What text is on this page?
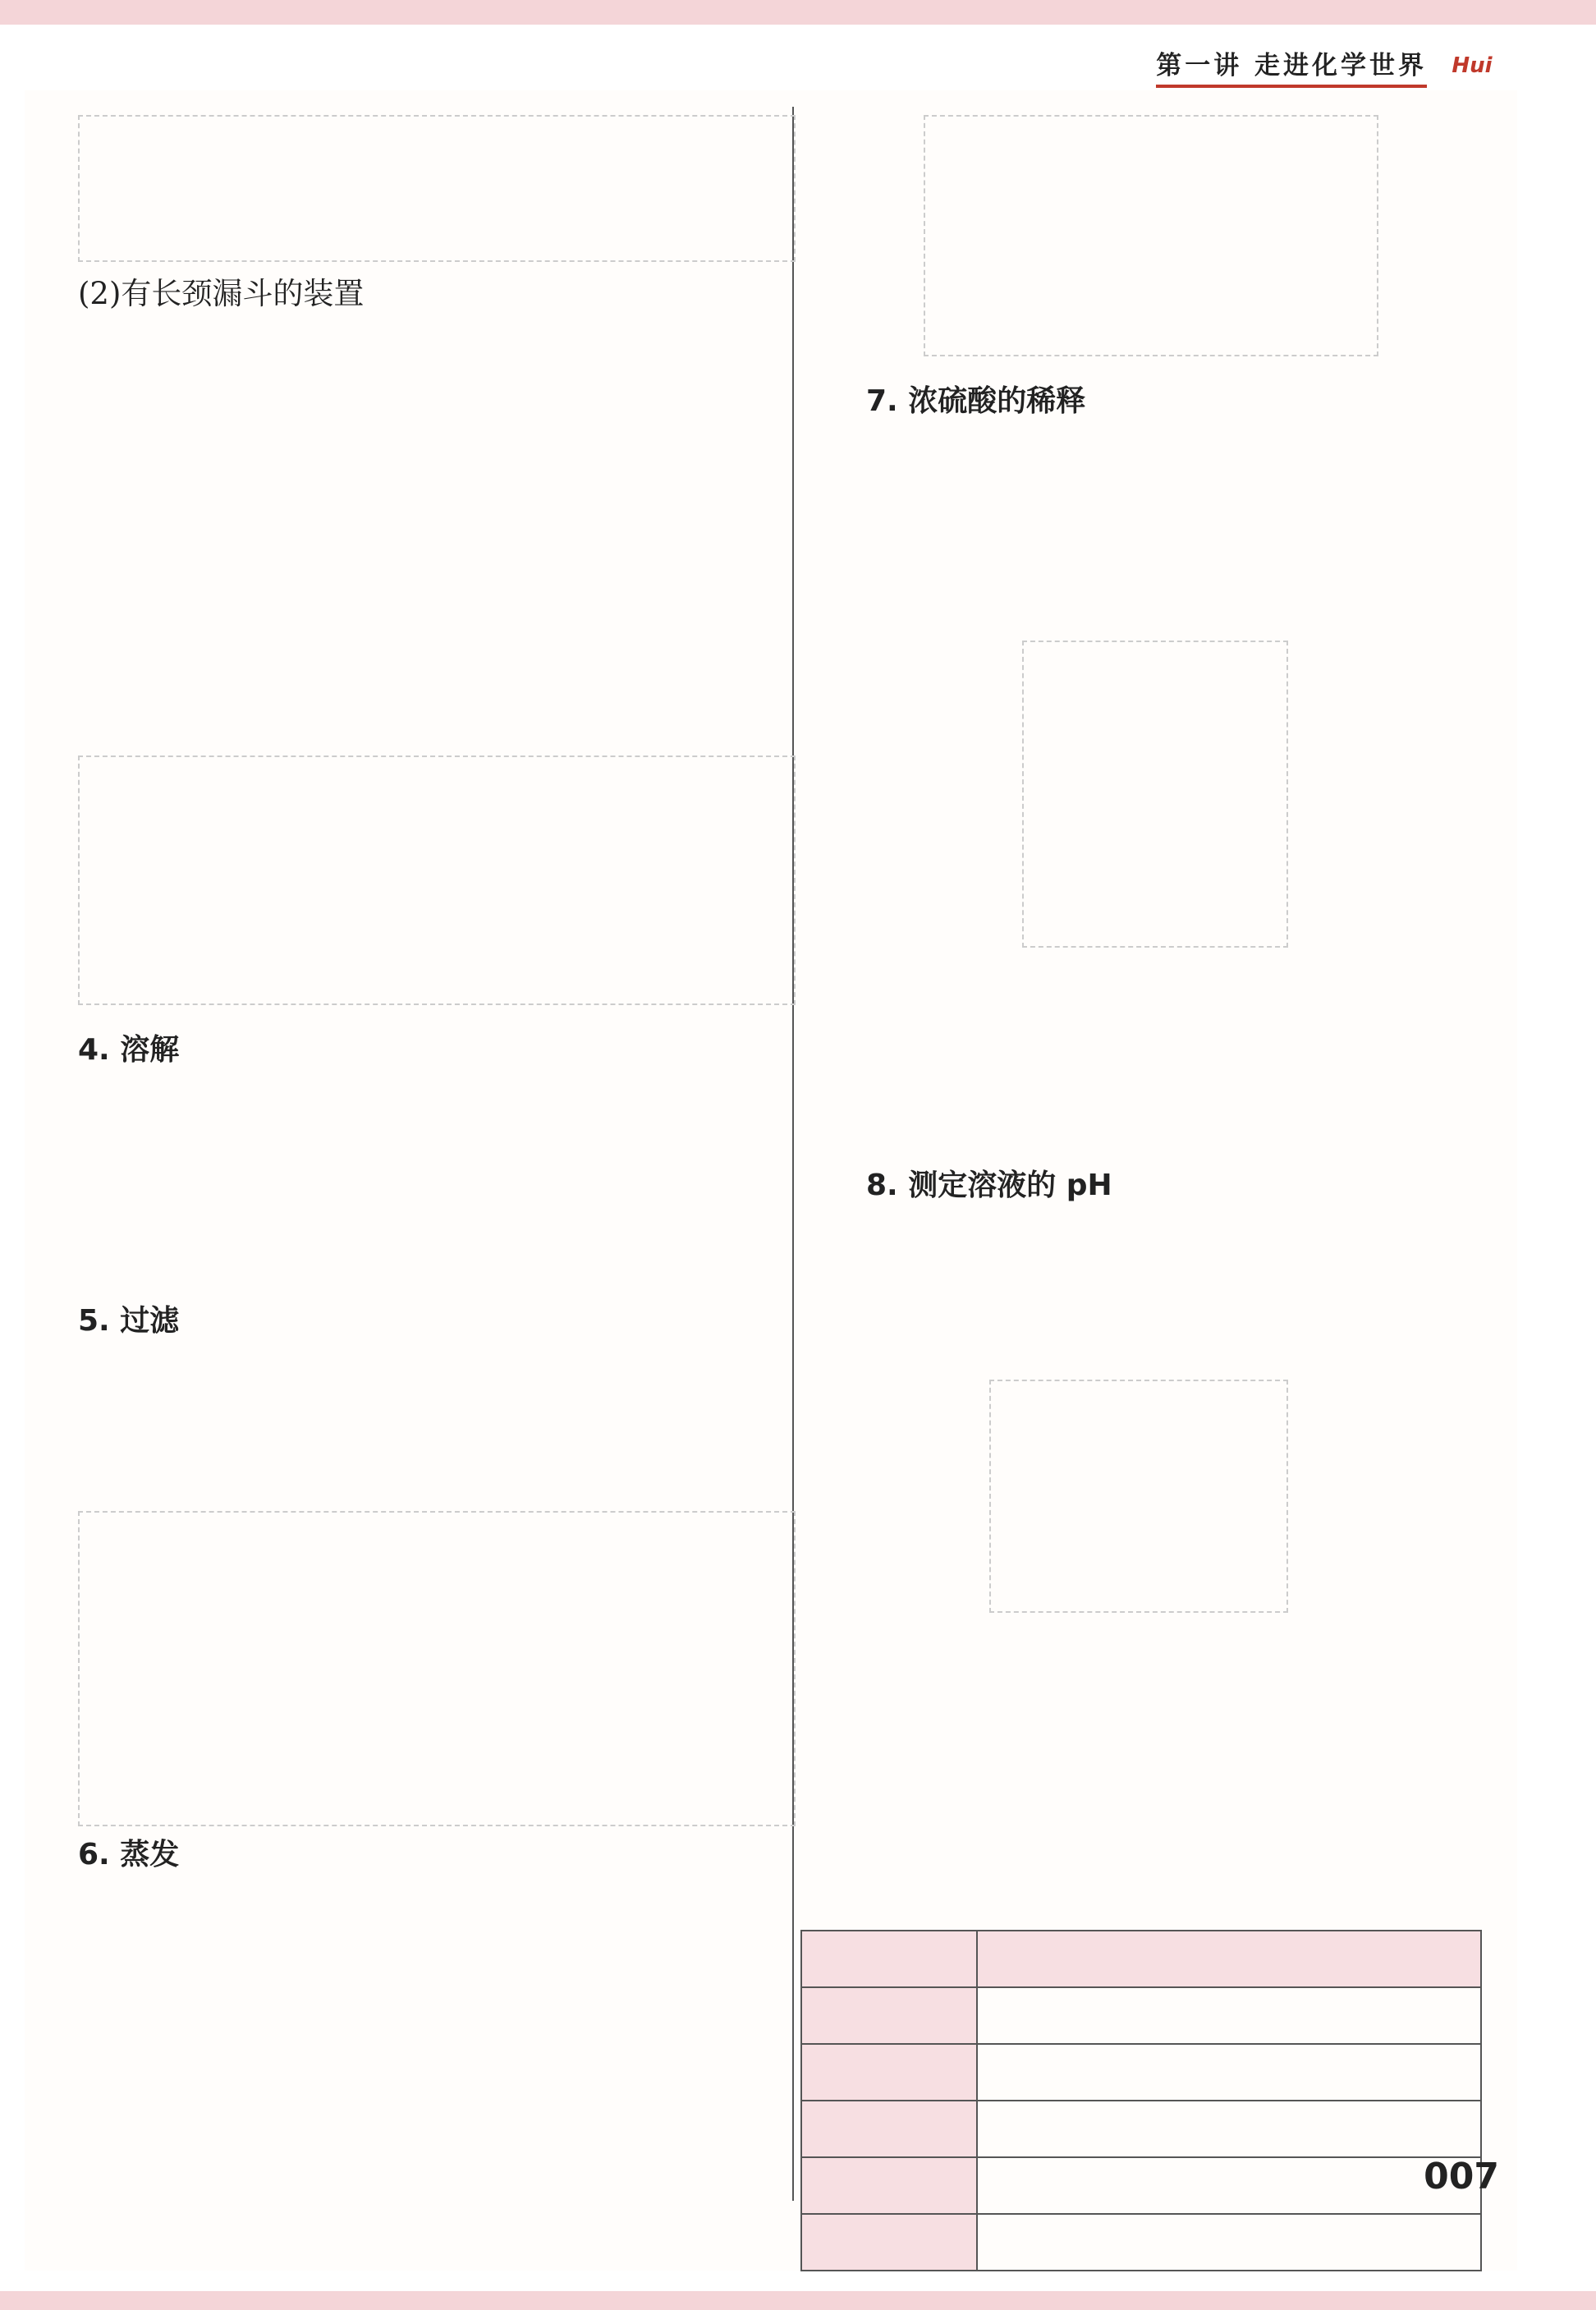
第一讲 走进化学世界 Hui
(2)有长颈漏斗的装置
4. 溶解
5. 过滤
6. 蒸发
7. 浓硫酸的稀释
8. 测定溶液的 pH

007
